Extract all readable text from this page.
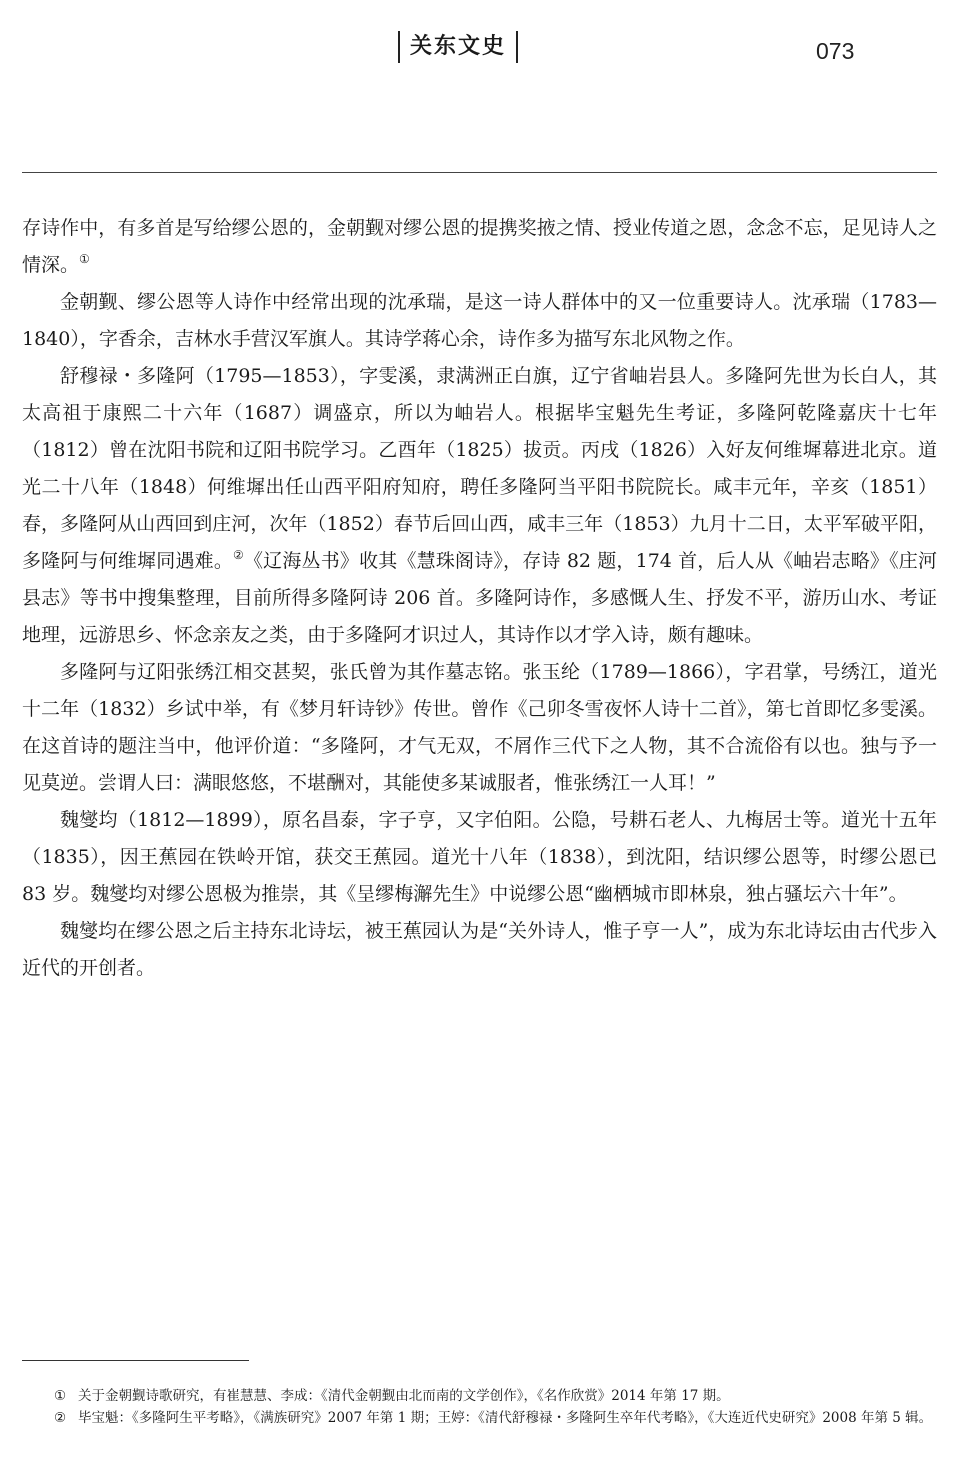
关东文史	073

存诗作中，有多首是写给缪公恩的，金朝觐对缪公恩的提携奖掖之情、授业传道之恩，念念不忘，足见诗人之情深。①

金朝觐、缪公恩等人诗作中经常出现的沈承瑞，是这一诗人群体中的又一位重要诗人。沈承瑞（1783—1840），字香余，吉林水手营汉军旗人。其诗学蒋心余，诗作多为描写东北风物之作。

舒穆禄・多隆阿（1795—1853），字雯溪，隶满洲正白旗，辽宁省岫岩县人。多隆阿先世为长白人，其太高祖于康熙二十六年（1687）调盛京，所以为岫岩人。根据毕宝魁先生考证，多隆阿乾隆嘉庆十七年（1812）曾在沈阳书院和辽阳书院学习。乙酉年（1825）拔贡。丙戌（1826）入好友何维墀幕进北京。道光二十八年（1848）何维墀出任山西平阳府知府，聘任多隆阿当平阳书院院长。咸丰元年，辛亥（1851）春，多隆阿从山西回到庄河，次年（1852）春节后回山西，咸丰三年（1853）九月十二日，太平军破平阳，多隆阿与何维墀同遇难。②《辽海丛书》收其《慧珠阁诗》，存诗 82 题，174 首，后人从《岫岩志略》《庄河县志》等书中搜集整理，目前所得多隆阿诗 206 首。多隆阿诗作，多感慨人生、抒发不平，游历山水、考证地理，远游思乡、怀念亲友之类，由于多隆阿才识过人，其诗作以才学入诗，颇有趣味。

多隆阿与辽阳张绣江相交甚契，张氏曾为其作墓志铭。张玉纶（1789—1866），字君掌，号绣江，道光十二年（1832）乡试中举，有《梦月轩诗钞》传世。曾作《己卯冬雪夜怀人诗十二首》，第七首即忆多雯溪。在这首诗的题注当中，他评价道：“多隆阿，才气无双，不屑作三代下之人物，其不合流俗有以也。独与予一见莫逆。尝谓人曰：满眼悠悠，不堪酬对，其能使多某诚服者，惟张绣江一人耳！”

魏燮均（1812—1899），原名昌泰，字子亨，又字伯阳。公隐，号耕石老人、九梅居士等。道光十五年（1835），因王蕉园在铁岭开馆，获交王蕉园。道光十八年（1838），到沈阳，结识缪公恩等，时缪公恩已 83 岁。魏燮均对缪公恩极为推崇，其《呈缪梅澥先生》中说缪公恩“幽栖城市即林泉，独占骚坛六十年”。

魏燮均在缪公恩之后主持东北诗坛，被王蕉园认为是“关外诗人，惟子亨一人”，成为东北诗坛由古代步入近代的开创者。

① 关于金朝觐诗歌研究，有崔慧慧、李成：《清代金朝觐由北而南的文学创作》，《名作欣赏》2014 年第 17 期。

② 毕宝魁：《多隆阿生平考略》，《满族研究》2007 年第 1 期；王婷：《清代舒穆禄・多隆阿生卒年代考略》，《大连近代史研究》2008 年第 5 辑。
